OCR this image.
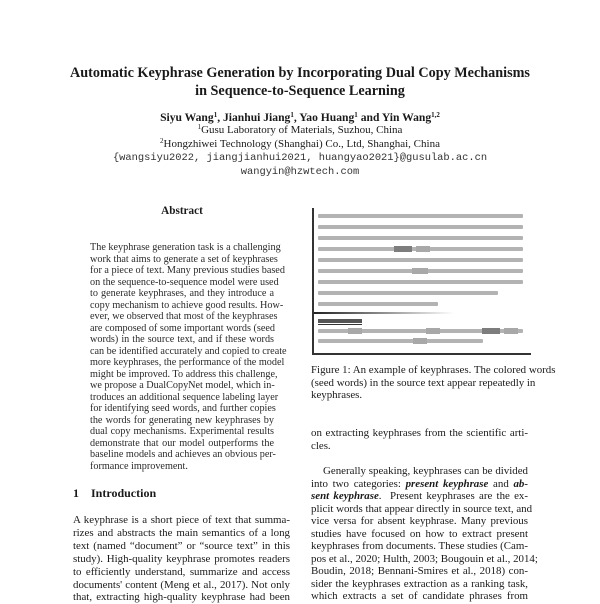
Automatic Keyphrase Generation by Incorporating Dual Copy Mechanisms
in Sequence-to-Sequence Learning
Siyu Wang$^1$, Jianhui Jiang$^1$, Yao Huang$^1$ and Yin Wang$^{1,2}$
$^1$Gusu Laboratory of Materials, Suzhou, China
$^2$Hongzhiwei Technology (Shanghai) Co., Ltd, Shanghai, China
{wangsiyu2022, jiangjianhui2021, huangyao2021}@gusulab.ac.cn
wangyin@hzwtech.com
Abstract
The keyphrase generation task is a challenging
work that aims to generate a set of keyphrases
for a piece of text. Many previous studies based
on the sequence-to-sequence model were used
to generate keyphrases, and they introduce a
copy mechanism to achieve good results. How-
ever, we observed that most of the keyphrases
are composed of some important words (seed
words) in the source text, and if these words
can be identified accurately and copied to create
more keyphrases, the performance of the model
might be improved. To address this challenge,
we propose a DualCopyNet model, which in-
troduces an additional sequence labeling layer
for identifying seed words, and further copies
the words for generating new keyphrases by
dual copy mechanisms. Experimental results
demonstrate that our model outperforms the
baseline models and achieves an obvious per-
formance improvement.
1 Introduction
A keyphrase is a short piece of text that summa-
rizes and abstracts the main semantics of a long
text (named “document” or “source text” in this
study). High-quality keyphrase promotes readers
to efficiently understand, summarize and access
documents' content (Meng et al., 2017). Not only
that, extracting high-quality keyphrase had been
Figure 1: An example of keyphrases. The colored words
(seed words) in the source text appear repeatedly in
keyphrases.
on extracting keyphrases from the scientific arti-
cles.
Generally speaking, keyphrases can be divided
into two categories: present keyphrase and ab-
sent keyphrase.  Present keyphrases are the ex-
plicit words that appear directly in source text, and
vice versa for absent keyphrase. Many previous
studies have focused on how to extract present
keyphrases from documents. These studies (Cam-
pos et al., 2020; Hulth, 2003; Bougouin et al., 2014;
Boudin, 2018; Bennani-Smires et al., 2018) con-
sider the keyphrases extraction as a ranking task,
which extracts a set of candidate phrases from
